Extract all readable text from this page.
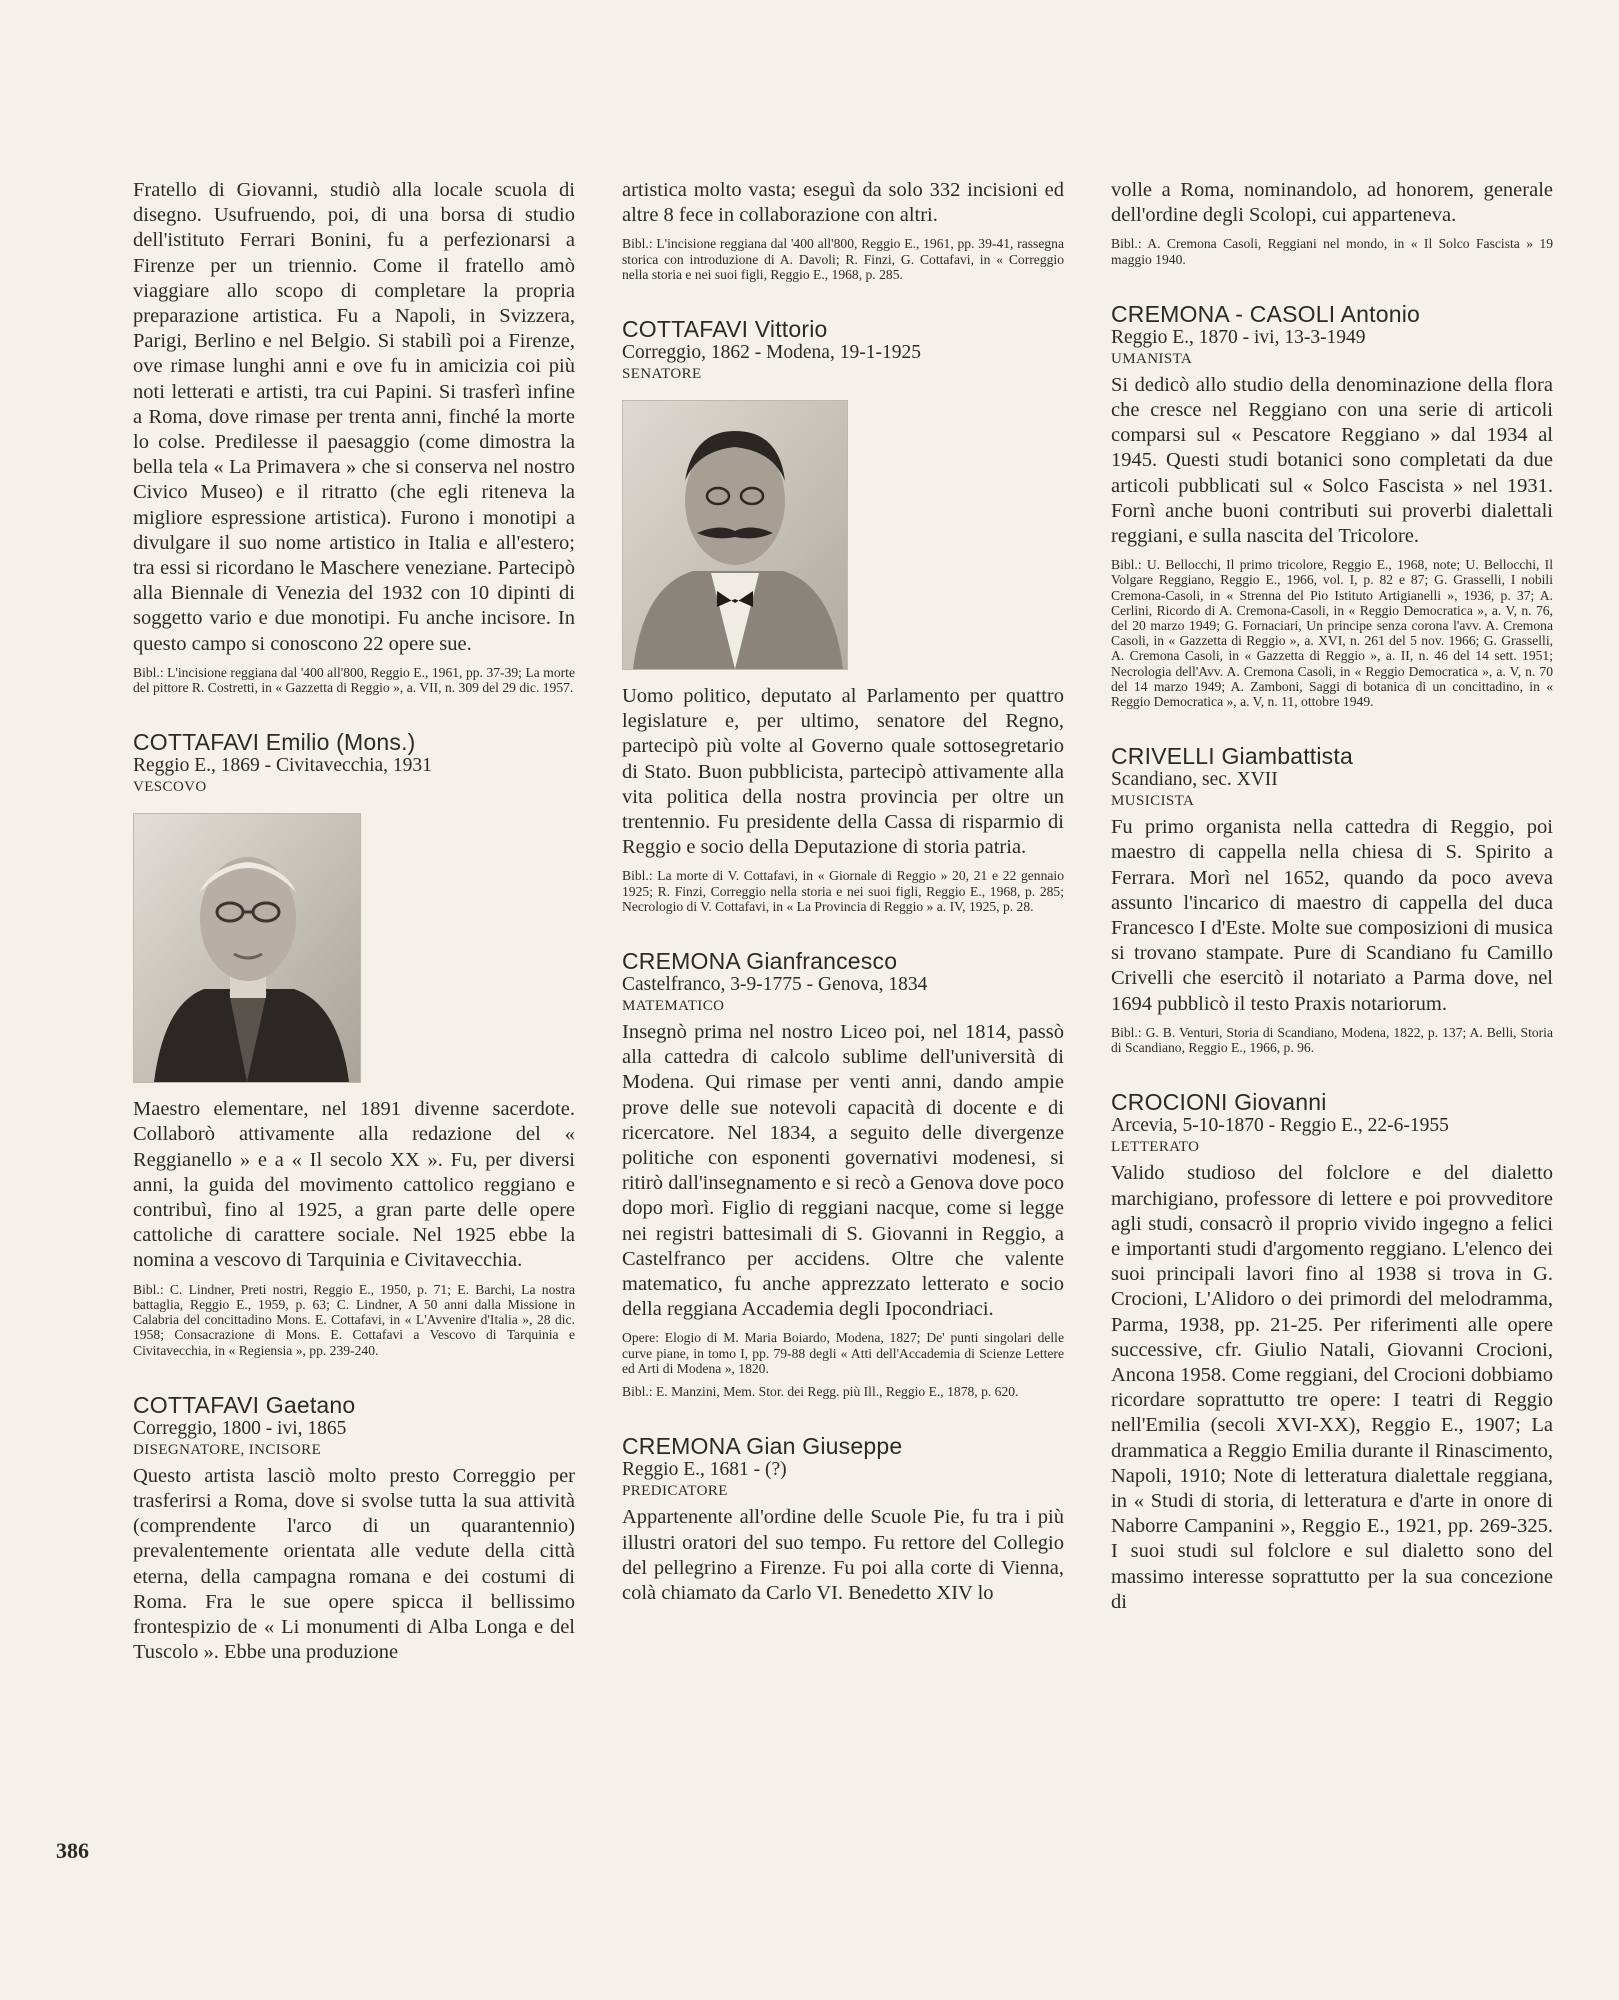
Fratello di Giovanni, studiò alla locale scuola di disegno. Usufruendo, poi, di una borsa di studio dell'istituto Ferrari Bonini, fu a perfezionarsi a Firenze per un triennio. Come il fratello amò viaggiare allo scopo di completare la propria preparazione artistica. Fu a Napoli, in Svizzera, Parigi, Berlino e nel Belgio. Si stabilì poi a Firenze, ove rimase lunghi anni e ove fu in amicizia coi più noti letterati e artisti, tra cui Papini. Si trasferì infine a Roma, dove rimase per trenta anni, finché la morte lo colse. Predilesse il paesaggio (come dimostra la bella tela « La Primavera » che si conserva nel nostro Civico Museo) e il ritratto (che egli riteneva la migliore espressione artistica). Furono i monotipi a divulgare il suo nome artistico in Italia e all'estero; tra essi si ricordano le Maschere veneziane. Partecipò alla Biennale di Venezia del 1932 con 10 dipinti di soggetto vario e due monotipi. Fu anche incisore. In questo campo si conoscono 22 opere sue.

Bibl.: L'incisione reggiana dal '400 all'800, Reggio E., 1961, pp. 37-39; La morte del pittore R. Costretti, in « Gazzetta di Reggio », a. VII, n. 309 del 29 dic. 1957.

COTTAFAVI Emilio (Mons.)

Reggio E., 1869 - Civitavecchia, 1931

VESCOVO

Maestro elementare, nel 1891 divenne sacerdote. Collaborò attivamente alla redazione del « Reggianello » e a « Il secolo XX ». Fu, per diversi anni, la guida del movimento cattolico reggiano e contribuì, fino al 1925, a gran parte delle opere cattoliche di carattere sociale. Nel 1925 ebbe la nomina a vescovo di Tarquinia e Civitavecchia.

Bibl.: C. Lindner, Preti nostri, Reggio E., 1950, p. 71; E. Barchi, La nostra battaglia, Reggio E., 1959, p. 63; C. Lindner, A 50 anni dalla Missione in Calabria del concittadino Mons. E. Cottafavi, in « L'Avvenire d'Italia », 28 dic. 1958; Consacrazione di Mons. E. Cottafavi a Vescovo di Tarquinia e Civitavecchia, in « Regiensia », pp. 239-240.

COTTAFAVI Gaetano

Correggio, 1800 - ivi, 1865

DISEGNATORE, INCISORE

Questo artista lasciò molto presto Correggio per trasferirsi a Roma, dove si svolse tutta la sua attività (comprendente l'arco di un quarantennio) prevalentemente orientata alle vedute della città eterna, della campagna romana e dei costumi di Roma. Fra le sue opere spicca il bellissimo frontespizio de « Li monumenti di Alba Longa e del Tuscolo ». Ebbe una produzione

artistica molto vasta; eseguì da solo 332 incisioni ed altre 8 fece in collaborazione con altri.

Bibl.: L'incisione reggiana dal '400 all'800, Reggio E., 1961, pp. 39-41, rassegna storica con introduzione di A. Davoli; R. Finzi, G. Cottafavi, in « Correggio nella storia e nei suoi figli, Reggio E., 1968, p. 285.

COTTAFAVI Vittorio

Correggio, 1862 - Modena, 19-1-1925

SENATORE

Uomo politico, deputato al Parlamento per quattro legislature e, per ultimo, senatore del Regno, partecipò più volte al Governo quale sottosegretario di Stato. Buon pubblicista, partecipò attivamente alla vita politica della nostra provincia per oltre un trentennio. Fu presidente della Cassa di risparmio di Reggio e socio della Deputazione di storia patria.

Bibl.: La morte di V. Cottafavi, in « Giornale di Reggio » 20, 21 e 22 gennaio 1925; R. Finzi, Correggio nella storia e nei suoi figli, Reggio E., 1968, p. 285; Necrologio di V. Cottafavi, in « La Provincia di Reggio » a. IV, 1925, p. 28.

CREMONA Gianfrancesco

Castelfranco, 3-9-1775 - Genova, 1834

MATEMATICO

Insegnò prima nel nostro Liceo poi, nel 1814, passò alla cattedra di calcolo sublime dell'università di Modena. Qui rimase per venti anni, dando ampie prove delle sue notevoli capacità di docente e di ricercatore. Nel 1834, a seguito delle divergenze politiche con esponenti governativi modenesi, si ritirò dall'insegnamento e si recò a Genova dove poco dopo morì. Figlio di reggiani nacque, come si legge nei registri battesimali di S. Giovanni in Reggio, a Castelfranco per accidens. Oltre che valente matematico, fu anche apprezzato letterato e socio della reggiana Accademia degli Ipocondriaci.

Opere: Elogio di M. Maria Boiardo, Modena, 1827; De' punti singolari delle curve piane, in tomo I, pp. 79-88 degli « Atti dell'Accademia di Scienze Lettere ed Arti di Modena », 1820.

Bibl.: E. Manzini, Mem. Stor. dei Regg. più Ill., Reggio E., 1878, p. 620.

CREMONA Gian Giuseppe

Reggio E., 1681 - (?)

PREDICATORE

Appartenente all'ordine delle Scuole Pie, fu tra i più illustri oratori del suo tempo. Fu rettore del Collegio del pellegrino a Firenze. Fu poi alla corte di Vienna, colà chiamato da Carlo VI. Benedetto XIV lo

volle a Roma, nominandolo, ad honorem, generale dell'ordine degli Scolopi, cui apparteneva.

Bibl.: A. Cremona Casoli, Reggiani nel mondo, in « Il Solco Fascista » 19 maggio 1940.

CREMONA - CASOLI Antonio

Reggio E., 1870 - ivi, 13-3-1949

UMANISTA

Si dedicò allo studio della denominazione della flora che cresce nel Reggiano con una serie di articoli comparsi sul « Pescatore Reggiano » dal 1934 al 1945. Questi studi botanici sono completati da due articoli pubblicati sul « Solco Fascista » nel 1931. Fornì anche buoni contributi sui proverbi dialettali reggiani, e sulla nascita del Tricolore.

Bibl.: U. Bellocchi, Il primo tricolore, Reggio E., 1968, note; U. Bellocchi, Il Volgare Reggiano, Reggio E., 1966, vol. I, p. 82 e 87; G. Grasselli, I nobili Cremona-Casoli, in « Strenna del Pio Istituto Artigianelli », 1936, p. 37; A. Cerlini, Ricordo di A. Cremona-Casoli, in « Reggio Democratica », a. V, n. 76, del 20 marzo 1949; G. Fornaciari, Un principe senza corona l'avv. A. Cremona Casoli, in « Gazzetta di Reggio », a. XVI, n. 261 del 5 nov. 1966; G. Grasselli, A. Cremona Casoli, in « Gazzetta di Reggio », a. II, n. 46 del 14 sett. 1951; Necrologia dell'Avv. A. Cremona Casoli, in « Reggio Democratica », a. V, n. 70 del 14 marzo 1949; A. Zamboni, Saggi di botanica di un concittadino, in « Reggio Democratica », a. V, n. 11, ottobre 1949.

CRIVELLI Giambattista

Scandiano, sec. XVII

MUSICISTA

Fu primo organista nella cattedra di Reggio, poi maestro di cappella nella chiesa di S. Spirito a Ferrara. Morì nel 1652, quando da poco aveva assunto l'incarico di maestro di cappella del duca Francesco I d'Este. Molte sue composizioni di musica si trovano stampate. Pure di Scandiano fu Camillo Crivelli che esercitò il notariato a Parma dove, nel 1694 pubblicò il testo Praxis notariorum.

Bibl.: G. B. Venturi, Storia di Scandiano, Modena, 1822, p. 137; A. Belli, Storia di Scandiano, Reggio E., 1966, p. 96.

CROCIONI Giovanni

Arcevia, 5-10-1870 - Reggio E., 22-6-1955

LETTERATO

Valido studioso del folclore e del dialetto marchigiano, professore di lettere e poi provveditore agli studi, consacrò il proprio vivido ingegno a felici e importanti studi d'argomento reggiano. L'elenco dei suoi principali lavori fino al 1938 si trova in G. Crocioni, L'Alidoro o dei primordi del melodramma, Parma, 1938, pp. 21-25. Per riferimenti alle opere successive, cfr. Giulio Natali, Giovanni Crocioni, Ancona 1958. Come reggiani, del Crocioni dobbiamo ricordare soprattutto tre opere: I teatri di Reggio nell'Emilia (secoli XVI-XX), Reggio E., 1907; La drammatica a Reggio Emilia durante il Rinascimento, Napoli, 1910; Note di letteratura dialettale reggiana, in « Studi di storia, di letteratura e d'arte in onore di Naborre Campanini », Reggio E., 1921, pp. 269-325. I suoi studi sul folclore e sul dialetto sono del massimo interesse soprattutto per la sua concezione di

386
